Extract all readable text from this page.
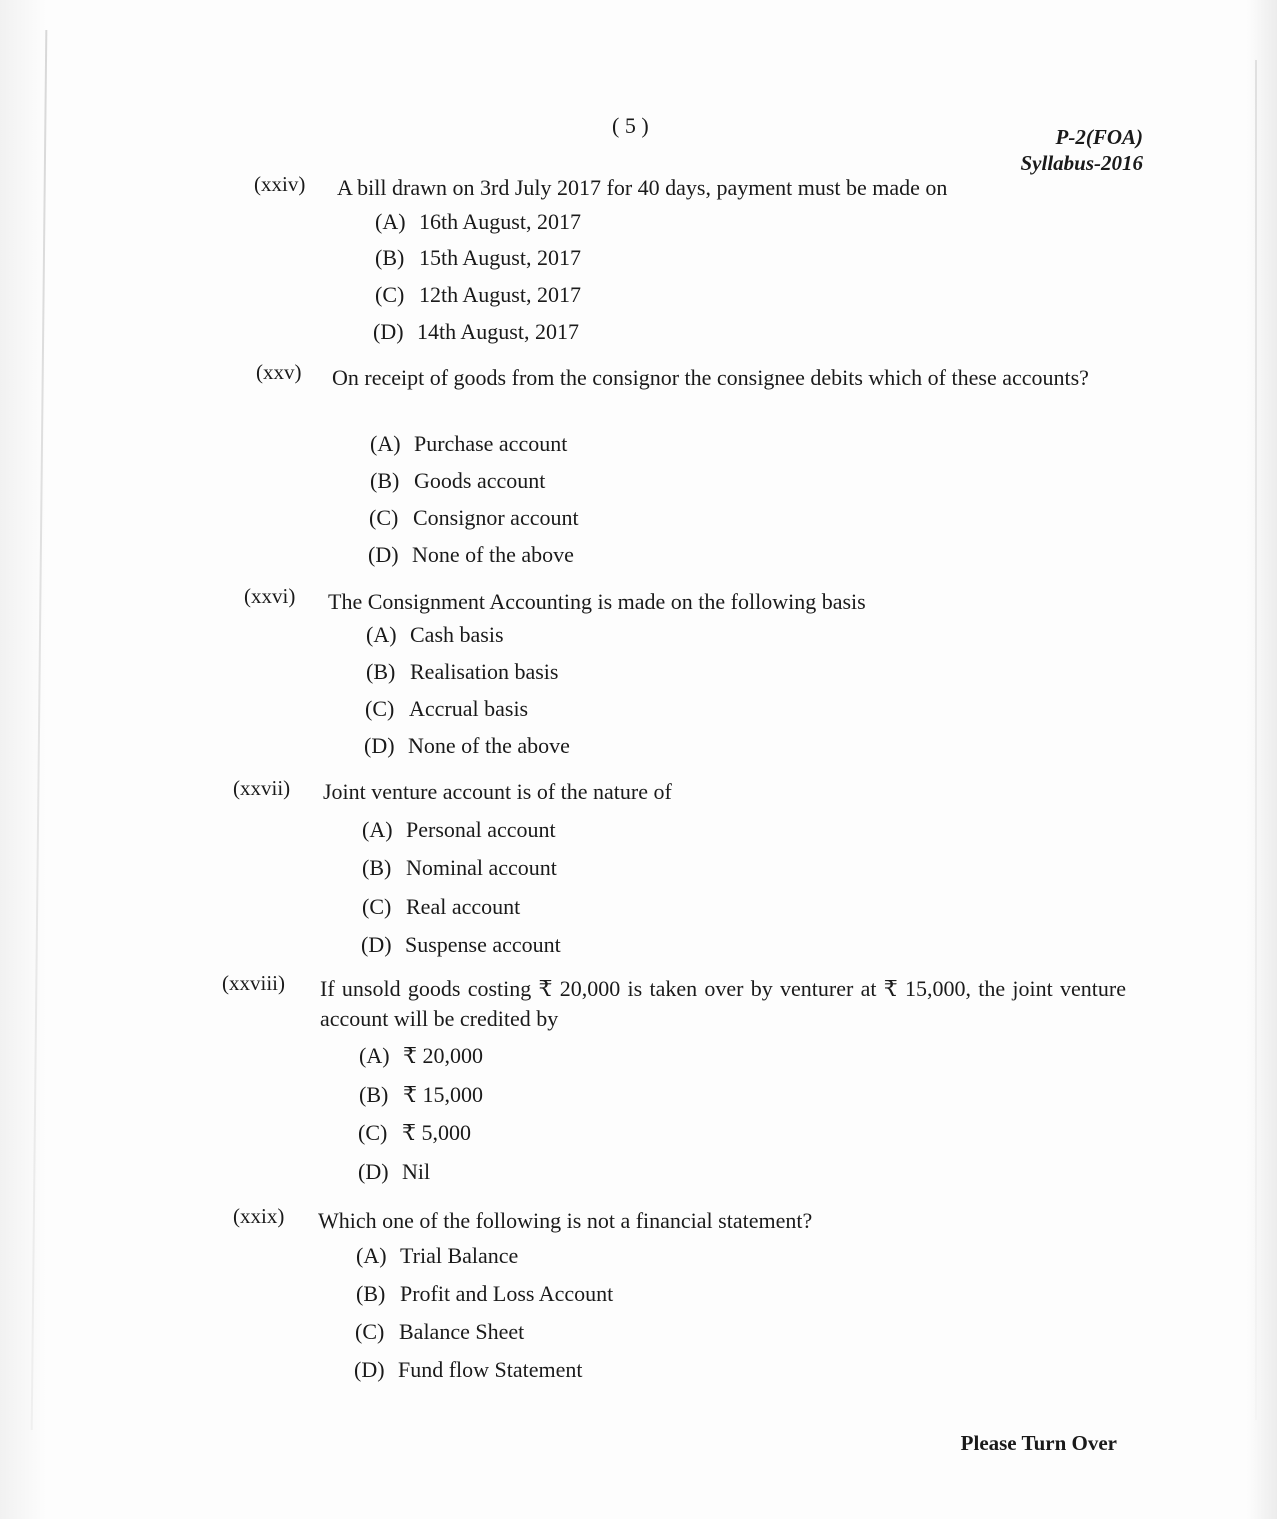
( 5 )	P-2(FOA)
Syllabus-2016
(xxiv) A bill drawn on 3rd July 2017 for 40 days, payment must be made on
(A) 16th August, 2017
(B) 15th August, 2017
(C) 12th August, 2017
(D) 14th August, 2017
(xxv) On receipt of goods from the consignor the consignee debits which of these accounts?
(A) Purchase account
(B) Goods account
(C) Consignor account
(D) None of the above
(xxvi) The Consignment Accounting is made on the following basis
(A) Cash basis
(B) Realisation basis
(C) Accrual basis
(D) None of the above
(xxvii) Joint venture account is of the nature of
(A) Personal account
(B) Nominal account
(C) Real account
(D) Suspense account
(xxviii) If unsold goods costing ₹ 20,000 is taken over by venturer at ₹ 15,000, the joint venture account will be credited by
(A) ₹ 20,000
(B) ₹ 15,000
(C) ₹ 5,000
(D) Nil
(xxix) Which one of the following is not a financial statement?
(A) Trial Balance
(B) Profit and Loss Account
(C) Balance Sheet
(D) Fund flow Statement
Please Turn Over
